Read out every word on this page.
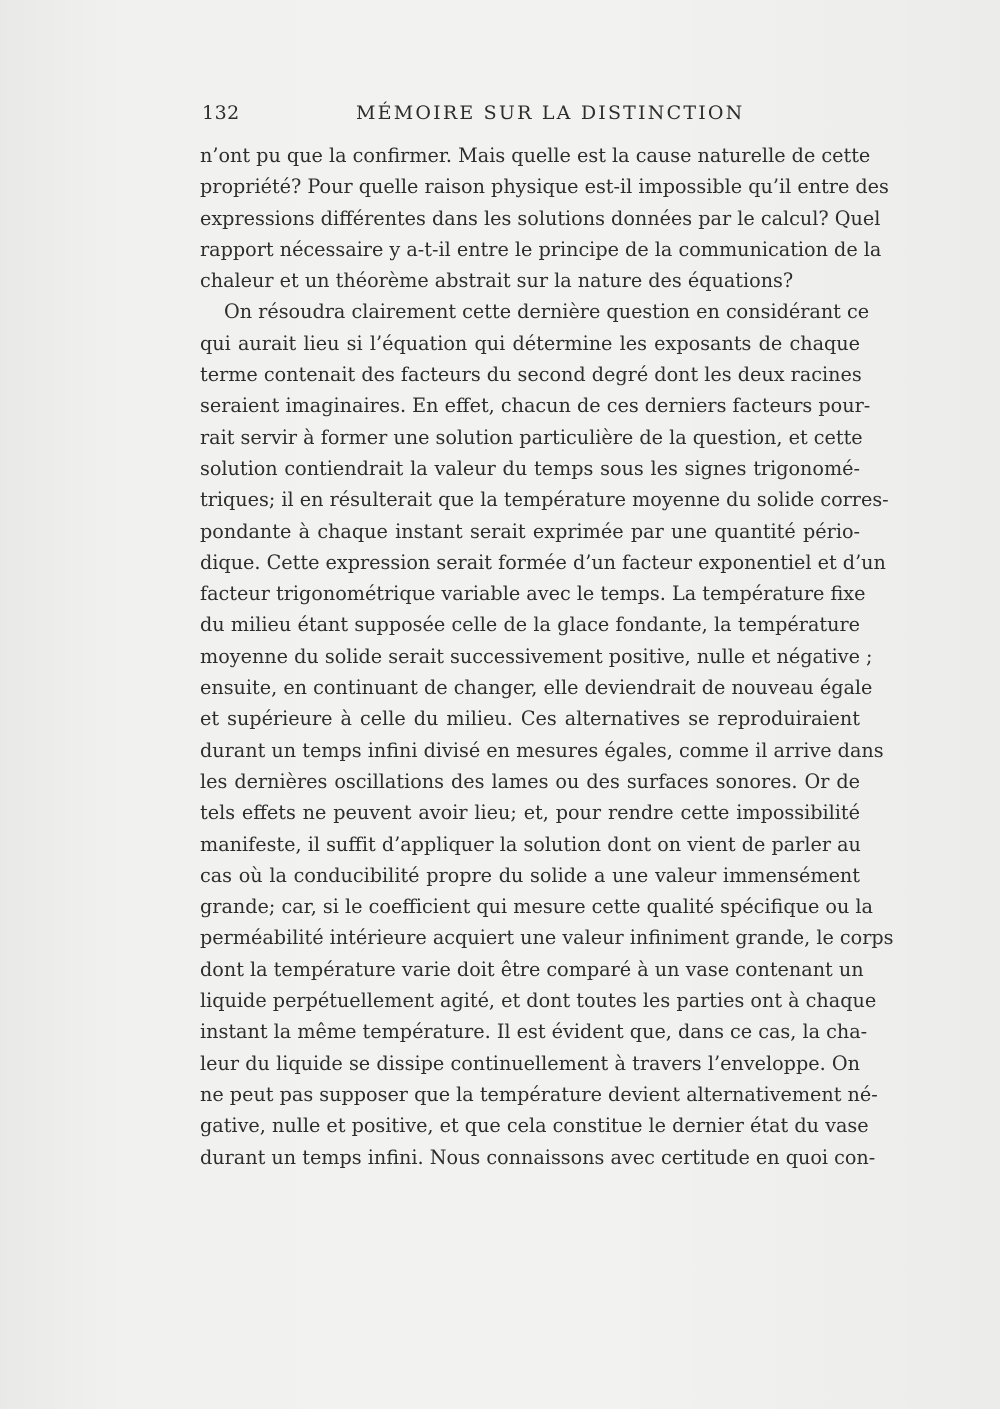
132	MÉMOIRE SUR LA DISTINCTION
n’ont pu que la confirmer. Mais quelle est la cause naturelle de cette
propriété? Pour quelle raison physique est-il impossible qu’il entre des
expressions différentes dans les solutions données par le calcul? Quel
rapport nécessaire y a-t-il entre le principe de la communication de la
chaleur et un théorème abstrait sur la nature des équations?
On résoudra clairement cette dernière question en considérant ce
qui aurait lieu si l’équation qui détermine les exposants de chaque
terme contenait des facteurs du second degré dont les deux racines
seraient imaginaires. En effet, chacun de ces derniers facteurs pour-
rait servir à former une solution particulière de la question, et cette
solution contiendrait la valeur du temps sous les signes trigonomé-
triques; il en résulterait que la température moyenne du solide corres-
pondante à chaque instant serait exprimée par une quantité pério-
dique. Cette expression serait formée d’un facteur exponentiel et d’un
facteur trigonométrique variable avec le temps. La température fixe
du milieu étant supposée celle de la glace fondante, la température
moyenne du solide serait successivement positive, nulle et négative ;
ensuite, en continuant de changer, elle deviendrait de nouveau égale
et supérieure à celle du milieu. Ces alternatives se reproduiraient
durant un temps infini divisé en mesures égales, comme il arrive dans
les dernières oscillations des lames ou des surfaces sonores. Or de
tels effets ne peuvent avoir lieu; et, pour rendre cette impossibilité
manifeste, il suffit d’appliquer la solution dont on vient de parler au
cas où la conducibilité propre du solide a une valeur immensément
grande; car, si le coefficient qui mesure cette qualité spécifique ou la
perméabilité intérieure acquiert une valeur infiniment grande, le corps
dont la température varie doit être comparé à un vase contenant un
liquide perpétuellement agité, et dont toutes les parties ont à chaque
instant la même température. Il est évident que, dans ce cas, la cha-
leur du liquide se dissipe continuellement à travers l’enveloppe. On
ne peut pas supposer que la température devient alternativement né-
gative, nulle et positive, et que cela constitue le dernier état du vase
durant un temps infini. Nous connaissons avec certitude en quoi con-
